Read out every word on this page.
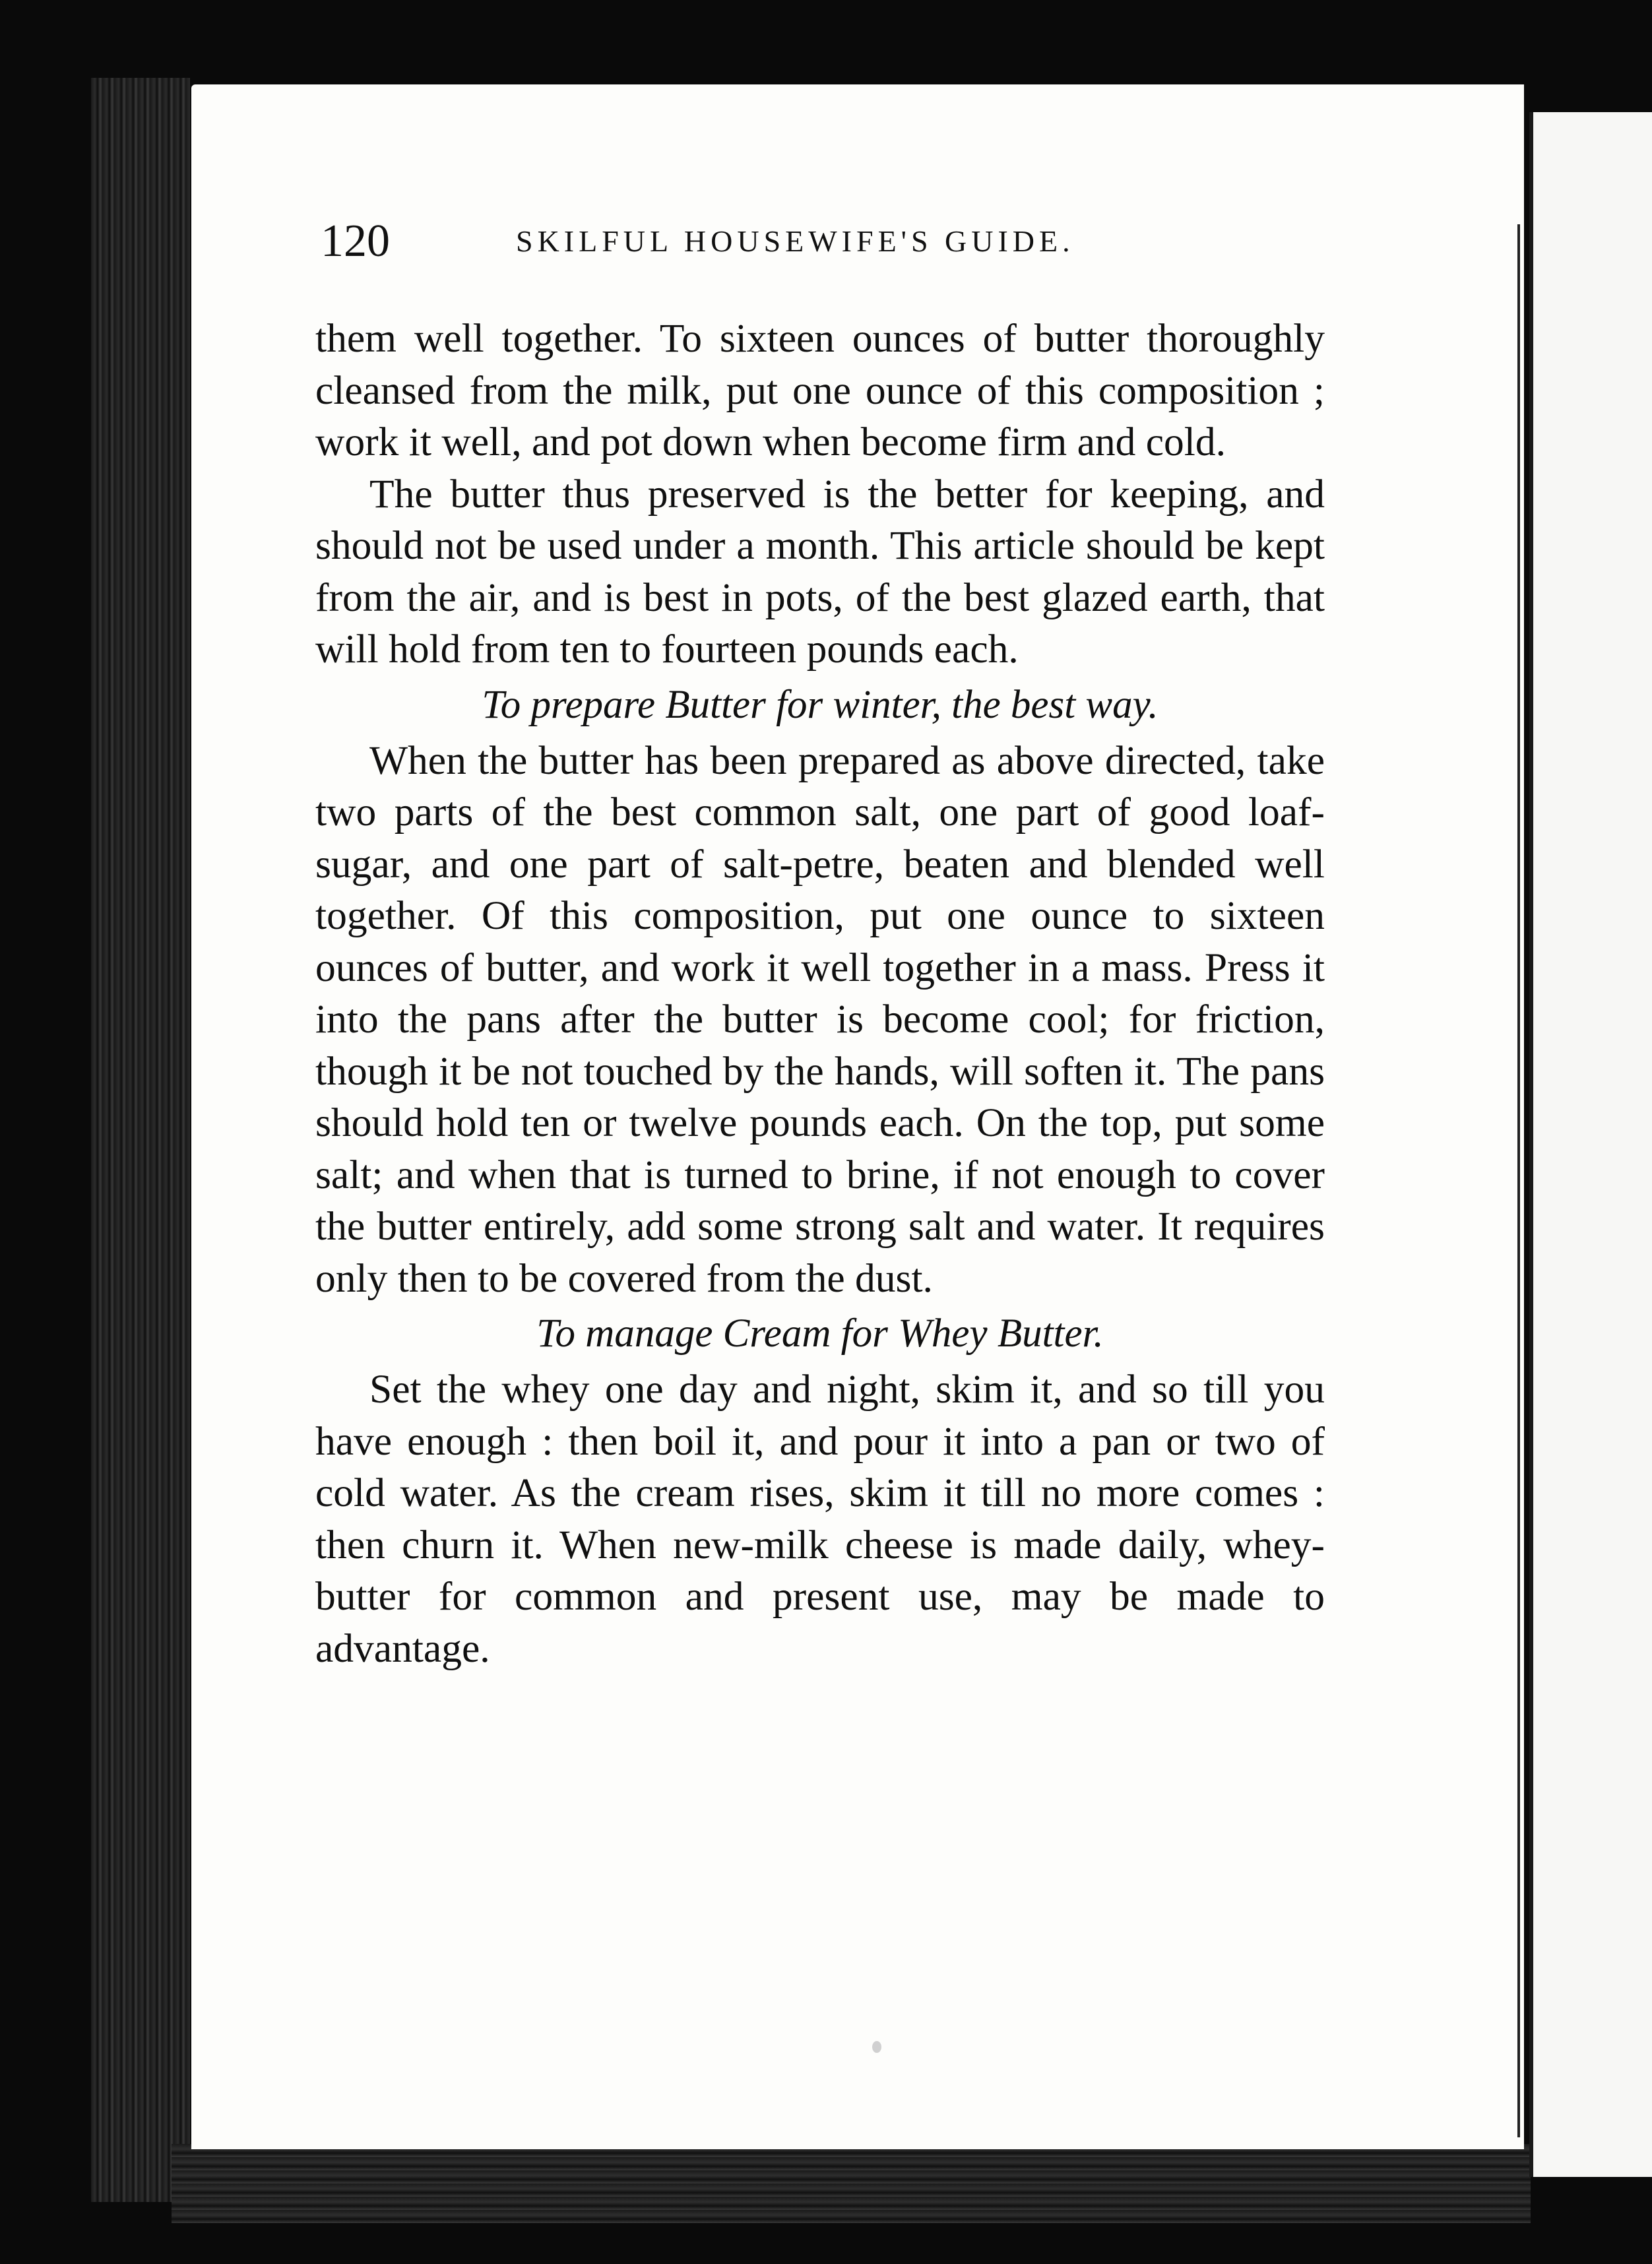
120	SKILFUL HOUSEWIFE'S GUIDE.

them well together. To sixteen ounces of butter thoroughly cleansed from the milk, put one ounce of this composition ; work it well, and pot down when become firm and cold.

The butter thus preserved is the better for keeping, and should not be used under a month. This article should be kept from the air, and is best in pots, of the best glazed earth, that will hold from ten to fourteen pounds each.

To prepare Butter for winter, the best way.

When the butter has been prepared as above directed, take two parts of the best common salt, one part of good loaf-sugar, and one part of salt-petre, beaten and blended well together. Of this composition, put one ounce to sixteen ounces of butter, and work it well together in a mass. Press it into the pans after the butter is become cool; for friction, though it be not touched by the hands, will soften it. The pans should hold ten or twelve pounds each. On the top, put some salt; and when that is turned to brine, if not enough to cover the butter entirely, add some strong salt and water. It requires only then to be covered from the dust.

To manage Cream for Whey Butter.

Set the whey one day and night, skim it, and so till you have enough : then boil it, and pour it into a pan or two of cold water. As the cream rises, skim it till no more comes : then churn it. When new-milk cheese is made daily, whey-butter for common and present use, may be made to advantage.
